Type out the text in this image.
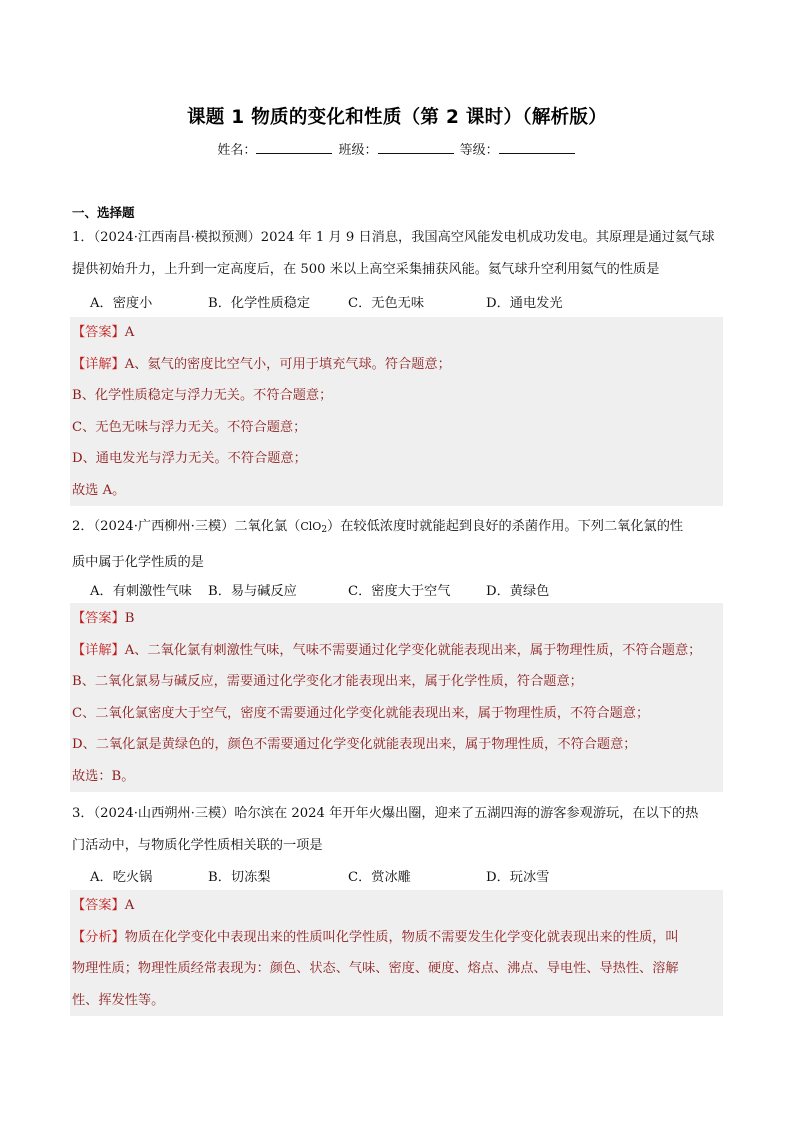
课题 1 物质的变化和性质（第 2 课时）（解析版）
姓名：	班级：	等级：
一、选择题

1．（2024·江西南昌·模拟预测）2024 年 1 月 9 日消息，我国高空风能发电机成功发电。其原理是通过氦气球

提供初始升力，上升到一定高度后，在 500 米以上高空采集捕获风能。氦气球升空利用氦气的性质是

A．密度小	B．化学性质稳定	C．无色无味	D．通电发光
【答案】A
【详解】A、氦气的密度比空气小，可用于填充气球。符合题意；
B、化学性质稳定与浮力无关。不符合题意；
C、无色无味与浮力无关。不符合题意；
D、通电发光与浮力无关。不符合题意；
故选 A。

2．（2024·广西柳州·三模）二氧化氯（ClO$_2$）在较低浓度时就能起到良好的杀菌作用。下列二氧化氯的性

质中属于化学性质的是

A．有刺激性气味 B．易与碱反应	C．密度大于空气	D．黄绿色
【答案】B
【详解】A、二氧化氯有刺激性气味，气味不需要通过化学变化就能表现出来，属于物理性质，不符合题意；
B、二氧化氯易与碱反应，需要通过化学变化才能表现出来，属于化学性质，符合题意；
C、二氧化氯密度大于空气，密度不需要通过化学变化就能表现出来，属于物理性质，不符合题意；
D、二氧化氯是黄绿色的，颜色不需要通过化学变化就能表现出来，属于物理性质，不符合题意；
故选：B。

3．（2024·山西朔州·三模）哈尔滨在 2024 年开年火爆出圈，迎来了五湖四海的游客参观游玩，在以下的热

门活动中，与物质化学性质相关联的一项是

A．吃火锅	B．切冻梨	C．赏冰雕	D．玩冰雪
【答案】A
【分析】物质在化学变化中表现出来的性质叫化学性质，物质不需要发生化学变化就表现出来的性质，叫
物理性质；物理性质经常表现为：颜色、状态、气味、密度、硬度、熔点、沸点、导电性、导热性、溶解
性、挥发性等。
